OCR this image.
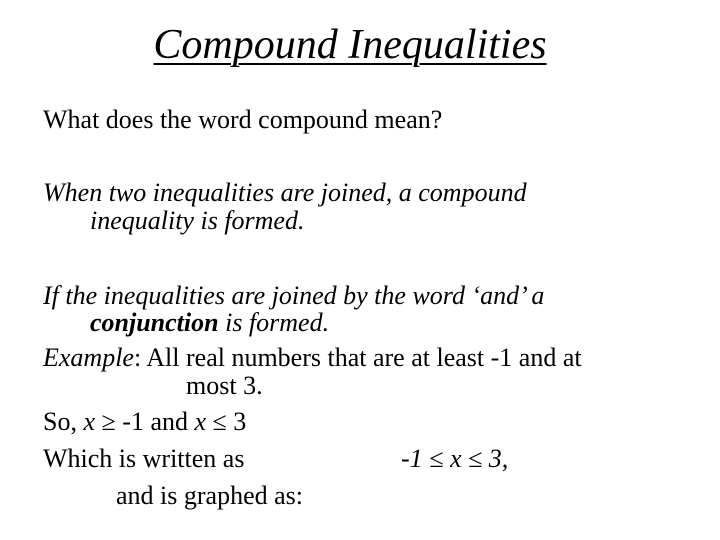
Compound Inequalities
What does the word compound mean?
When two inequalities are joined, a compound
inequality is formed.
If the inequalities are joined by the word ‘and’ a
conjunction is formed.
Example: All real numbers that are at least -1 and at
most 3.
So, x ≥ -1 and x ≤ 3
Which is written as	-1 ≤ x ≤ 3,
and is graphed as:
